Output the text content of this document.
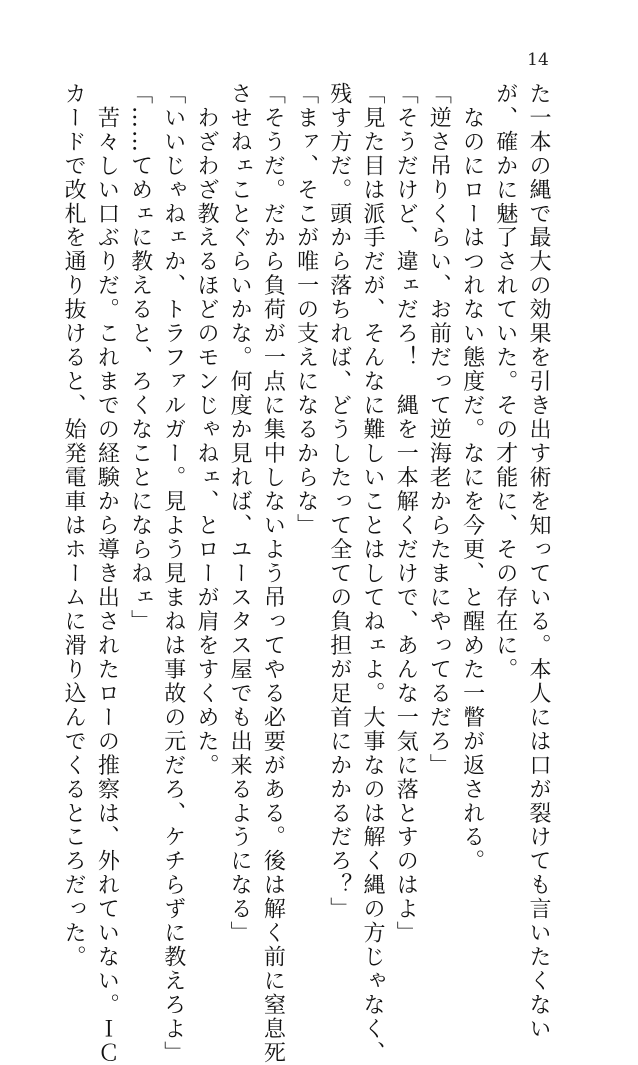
14

た一本の縄で最大の効果を引き出す術を知っている。本人には口が裂けても言いたくない

が、確かに魅了されていた。その才能に、その存在に。

　なのにローはつれない態度だ。なにを今更、と醒めた一瞥が返される。

「逆さ吊りくらい、お前だって逆海老からたまにやってるだろ」

「そうだけど、違ェだろ！　縄を一本解くだけで、あんな一気に落とすのはよ」

「見た目は派手だが、そんなに難しいことはしてねェよ。大事なのは解く縄の方じゃなく、

残す方だ。頭から落ちれば、どうしたって全ての負担が足首にかかるだろ？」

「まァ、そこが唯一の支えになるからな」

「そうだ。だから負荷が一点に集中しないよう吊ってやる必要がある。後は解く前に窒息死

させねェことぐらいかな。何度か見れば、ユースタス屋でも出来るようになる」

　わざわざ教えるほどのモンじゃねェ、とローが肩をすくめた。

「いいじゃねェか、トラファルガー。見よう見まねは事故の元だろ、ケチらずに教えろよ」

「……てめェに教えると、ろくなことにならねェ」

　苦々しい口ぶりだ。これまでの経験から導き出されたローの推察は、外れていない。ＩＣ

カードで改札を通り抜けると、始発電車はホームに滑り込んでくるところだった。
